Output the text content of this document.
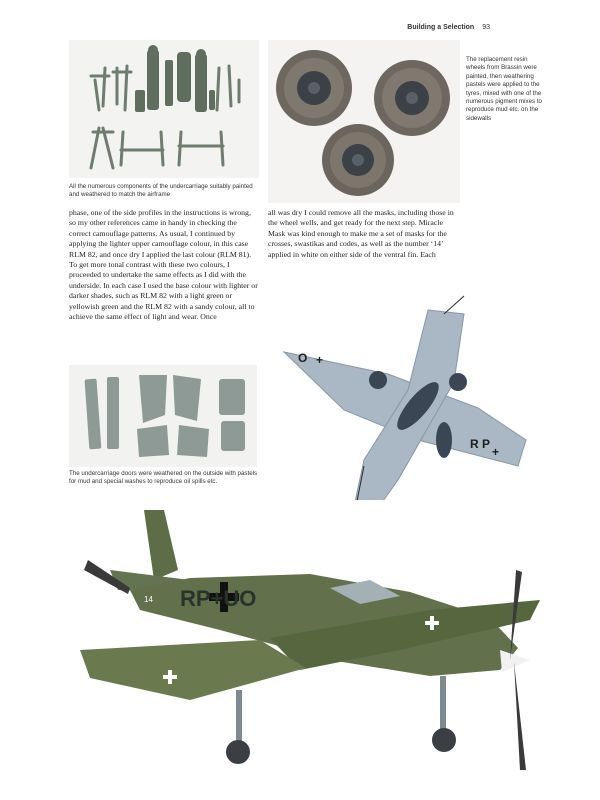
Building a Selection 93
All the numerous components of the undercarriage suitably painted and weathered to match the airframe
The replacement resin wheels from Brassin were painted, then weathering pastels were applied to the tyres, mixed with one of the numerous pigment mixes to reproduce mud etc. on the sidewalls
phase, one of the side profiles in the instructions is wrong, so my other references came in handy in checking the correct camouflage patterns. As usual, I continued by applying the lighter upper camouflage colour, in this case RLM 82, and once dry I applied the last colour (RLM 81). To get more tonal contrast with these two colours, I proceeded to undertake the same effects as I did with the underside. In each case I used the base colour with lighter or darker shades, such as RLM 82 with a light green or yellowish green and the RLM 82 with a sandy colour, all to achieve the same effect of light and wear. Once
all was dry I could remove all the masks, including those in the wheel wells, and get ready for the next step. Miracle Mask was kind enough to make me a set of masks for the crosses, swastikas and codes, as well as the number ‘14’ applied in white on either side of the ventral fin. Each
The undercarriage doors were weathered on the outside with pastels for mud and special washes to reproduce oil spills etc.
O +
R P
+
RP+UO
14
